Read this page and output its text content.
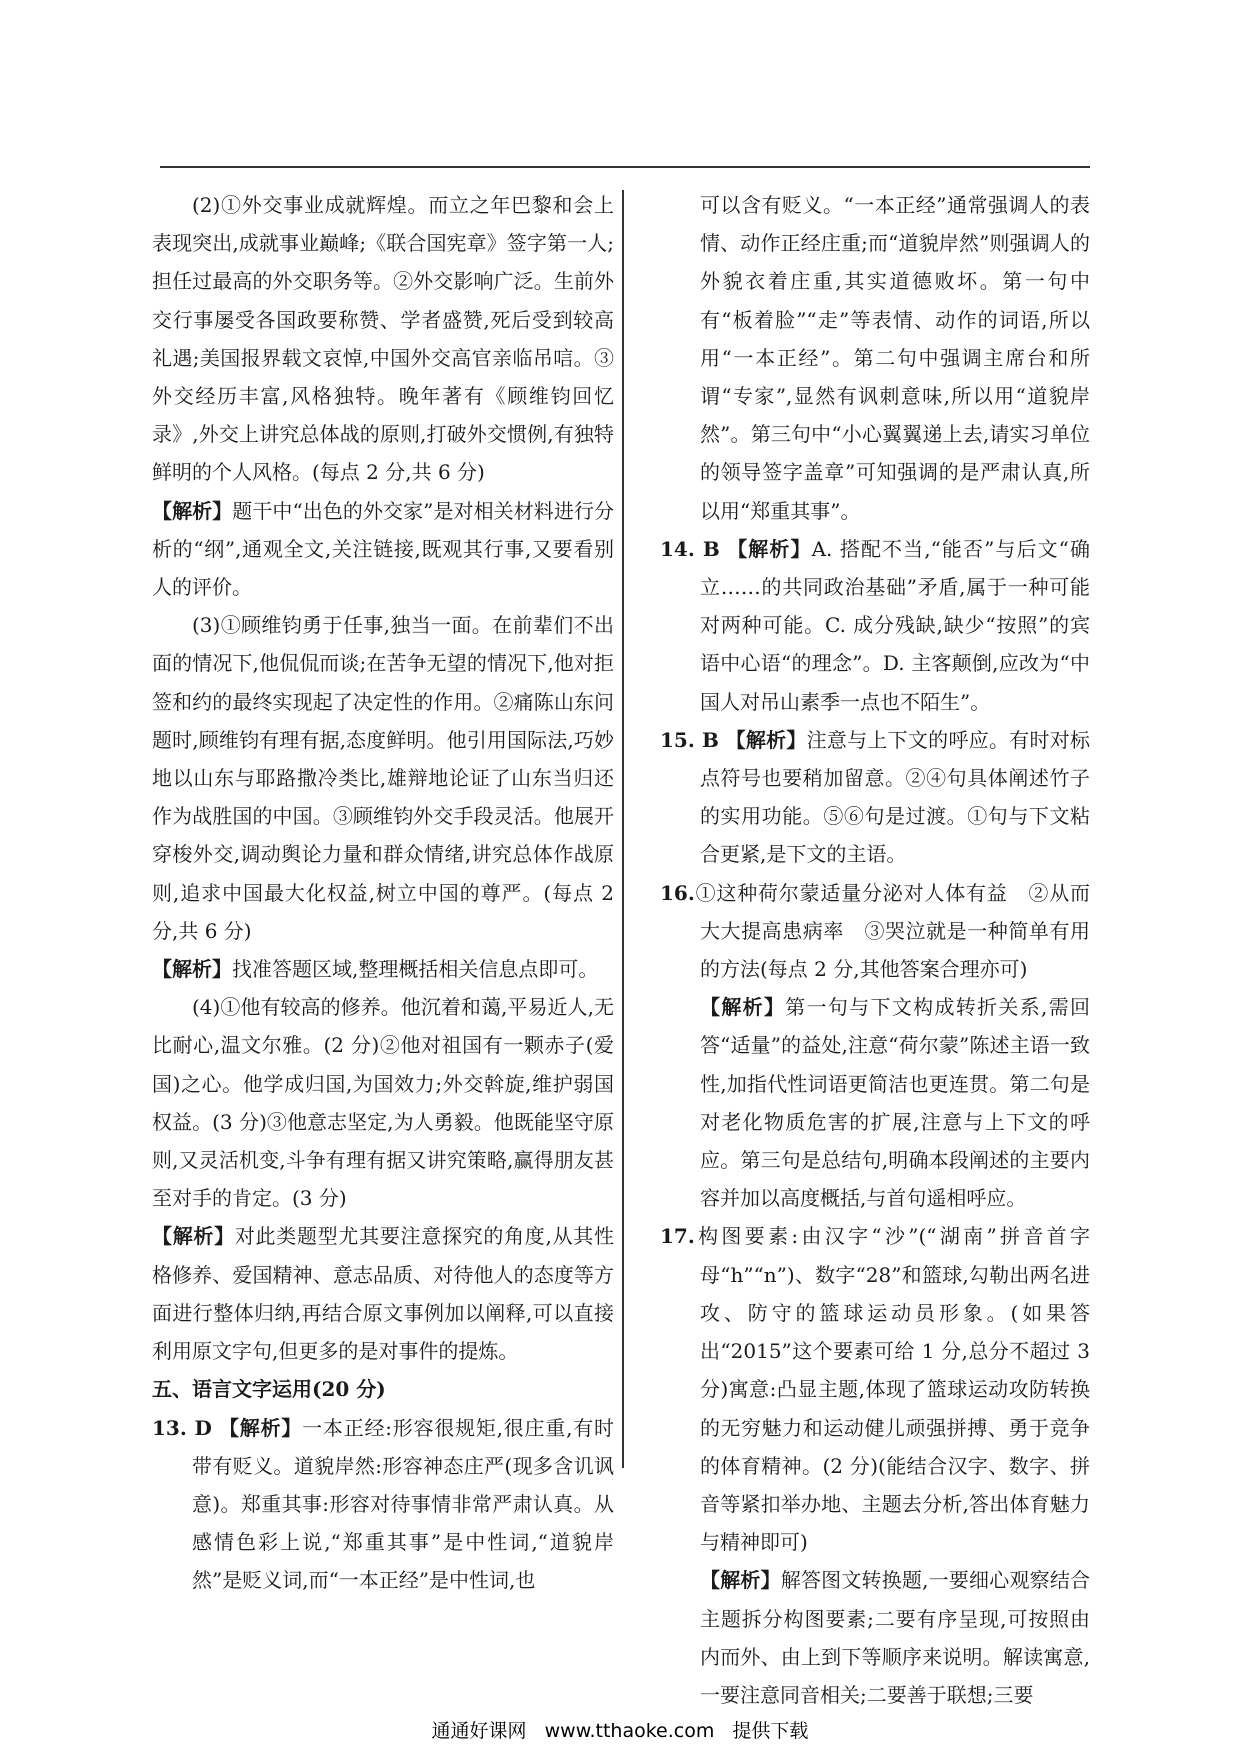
(2)①外交事业成就辉煌。而立之年巴黎和会上表现突出,成就事业巅峰;《联合国宪章》签字第一人;担任过最高的外交职务等。②外交影响广泛。生前外交行事屡受各国政要称赞、学者盛赞,死后受到较高礼遇;美国报界载文哀悼,中国外交高官亲临吊唁。③外交经历丰富,风格独特。晚年著有《顾维钧回忆录》,外交上讲究总体战的原则,打破外交惯例,有独特鲜明的个人风格。(每点 2 分,共 6 分)

【解析】题干中“出色的外交家”是对相关材料进行分析的“纲”,通观全文,关注链接,既观其行事,又要看别人的评价。

(3)①顾维钧勇于任事,独当一面。在前辈们不出面的情况下,他侃侃而谈;在苦争无望的情况下,他对拒签和约的最终实现起了决定性的作用。②痛陈山东问题时,顾维钧有理有据,态度鲜明。他引用国际法,巧妙地以山东与耶路撒冷类比,雄辩地论证了山东当归还作为战胜国的中国。③顾维钧外交手段灵活。他展开穿梭外交,调动舆论力量和群众情绪,讲究总体作战原则,追求中国最大化权益,树立中国的尊严。(每点 2 分,共 6 分)

【解析】找准答题区域,整理概括相关信息点即可。

(4)①他有较高的修养。他沉着和蔼,平易近人,无比耐心,温文尔雅。(2 分)②他对祖国有一颗赤子(爱国)之心。他学成归国,为国效力;外交斡旋,维护弱国权益。(3 分)③他意志坚定,为人勇毅。他既能坚守原则,又灵活机变,斗争有理有据又讲究策略,赢得朋友甚至对手的肯定。(3 分)

【解析】对此类题型尤其要注意探究的角度,从其性格修养、爱国精神、意志品质、对待他人的态度等方面进行整体归纳,再结合原文事例加以阐释,可以直接利用原文字句,但更多的是对事件的提炼。

五、语言文字运用(20 分)

13. D 【解析】一本正经:形容很规矩,很庄重,有时带有贬义。道貌岸然:形容神态庄严(现多含讥讽意)。郑重其事:形容对待事情非常严肃认真。从感情色彩上说,“郑重其事”是中性词,“道貌岸然”是贬义词,而“一本正经”是中性词,也

可以含有贬义。“一本正经”通常强调人的表情、动作正经庄重;而“道貌岸然”则强调人的外貌衣着庄重,其实道德败坏。第一句中有“板着脸”“走”等表情、动作的词语,所以用“一本正经”。第二句中强调主席台和所谓“专家”,显然有讽刺意味,所以用“道貌岸然”。第三句中“小心翼翼递上去,请实习单位的领导签字盖章”可知强调的是严肃认真,所以用“郑重其事”。

14. B 【解析】A. 搭配不当,“能否”与后文“确立……的共同政治基础”矛盾,属于一种可能对两种可能。C. 成分残缺,缺少“按照”的宾语中心语“的理念”。D. 主客颠倒,应改为“中国人对吊山素季一点也不陌生”。

15. B 【解析】注意与上下文的呼应。有时对标点符号也要稍加留意。②④句具体阐述竹子的实用功能。⑤⑥句是过渡。①句与下文粘合更紧,是下文的主语。

16.①这种荷尔蒙适量分泌对人体有益　②从而大大提高患病率　③哭泣就是一种简单有用的方法(每点 2 分,其他答案合理亦可)

【解析】第一句与下文构成转折关系,需回答“适量”的益处,注意“荷尔蒙”陈述主语一致性,加指代性词语更简洁也更连贯。第二句是对老化物质危害的扩展,注意与上下文的呼应。第三句是总结句,明确本段阐述的主要内容并加以高度概括,与首句遥相呼应。

17.构图要素:由汉字“沙”(“湖南”拼音首字母“h”“n”)、数字“28”和篮球,勾勒出两名进攻、防守的篮球运动员形象。(如果答出“2015”这个要素可给 1 分,总分不超过 3 分)寓意:凸显主题,体现了篮球运动攻防转换的无穷魅力和运动健儿顽强拼搏、勇于竞争的体育精神。(2 分)(能结合汉字、数字、拼音等紧扣举办地、主题去分析,答出体育魅力与精神即可)

【解析】解答图文转换题,一要细心观察结合主题拆分构图要素;二要有序呈现,可按照由内而外、由上到下等顺序来说明。解读寓意,一要注意同音相关;二要善于联想;三要

通通好课网 www.tthaoke.com 提供下载
